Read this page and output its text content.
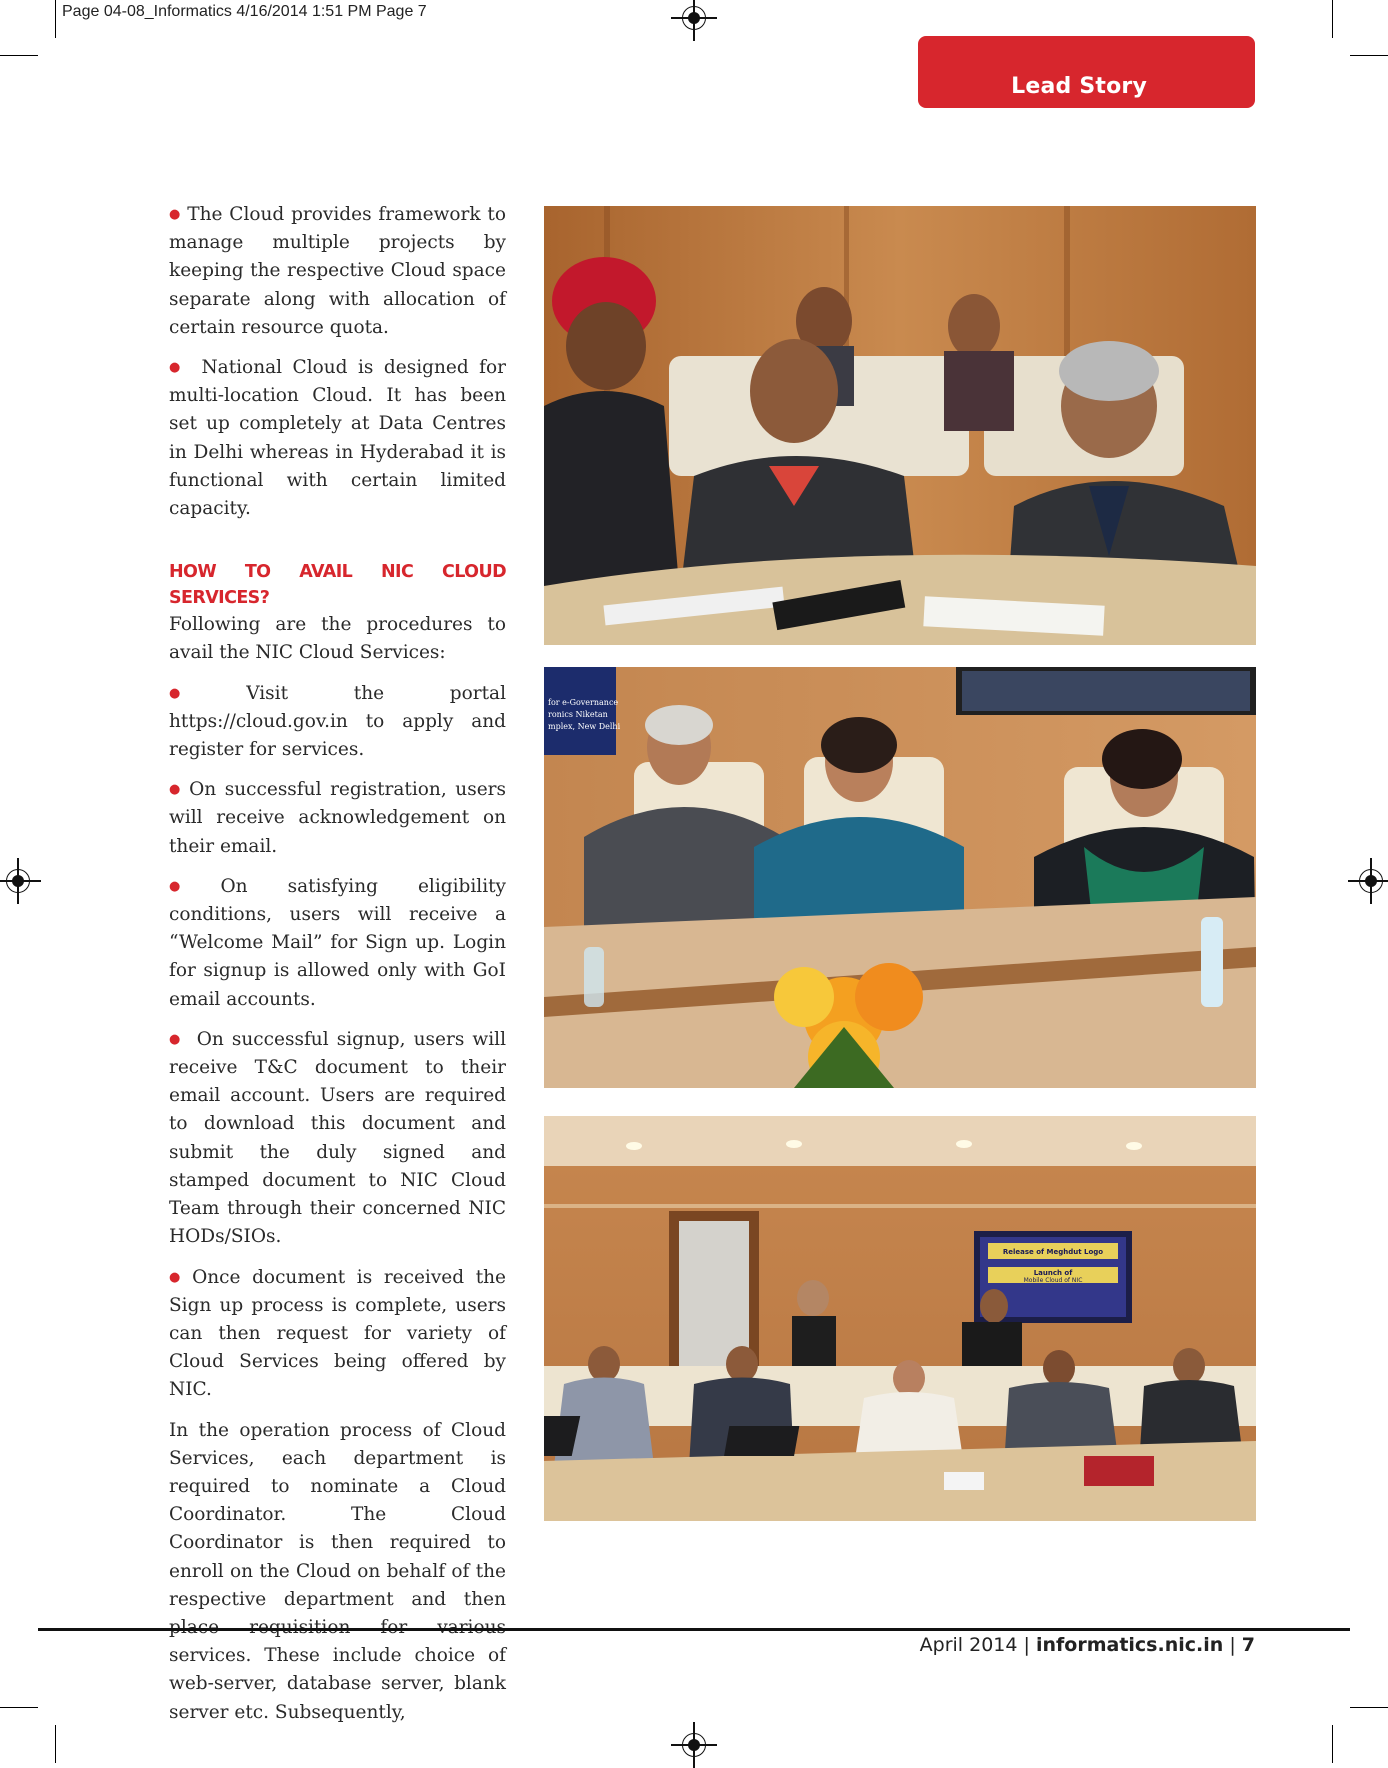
Page 04-08_Informatics 4/16/2014 1:51 PM Page 7
Lead Story

● The Cloud provides framework to manage multiple projects by keeping the respective Cloud space separate along with allocation of certain resource quota.

● National Cloud is designed for multi-location Cloud. It has been set up completely at Data Centres in Delhi whereas in Hyderabad it is functional with certain limited capacity.

HOW TO AVAIL NIC CLOUD SERVICES?

Following are the procedures to avail the NIC Cloud Services:

● Visit the portal https://cloud.gov.in to apply and register for services.

● On successful registration, users will receive acknowledgement on their email.

● On satisfying eligibility conditions, users will receive a “Welcome Mail” for Sign up. Login for signup is allowed only with GoI email accounts.

● On successful signup, users will receive T&C document to their email account. Users are required to download this document and submit the duly signed and stamped document to NIC Cloud Team through their concerned NIC HODs/SIOs.

● Once document is received the Sign up process is complete, users can then request for variety of Cloud Services being offered by NIC.

In the operation process of Cloud Services, each department is required to nominate a Cloud Coordinator. The Cloud Coordinator is then required to enroll on the Cloud on behalf of the respective department and then services. These include choice of web-server, database server, blank server etc. Subsequently,

for e-Governance
ronics Niketan
mplex, New Delhi
Release of Meghdut Logo
Launch of
Mobile Cloud of NIC
April 2014 | informatics.nic.in | 7
